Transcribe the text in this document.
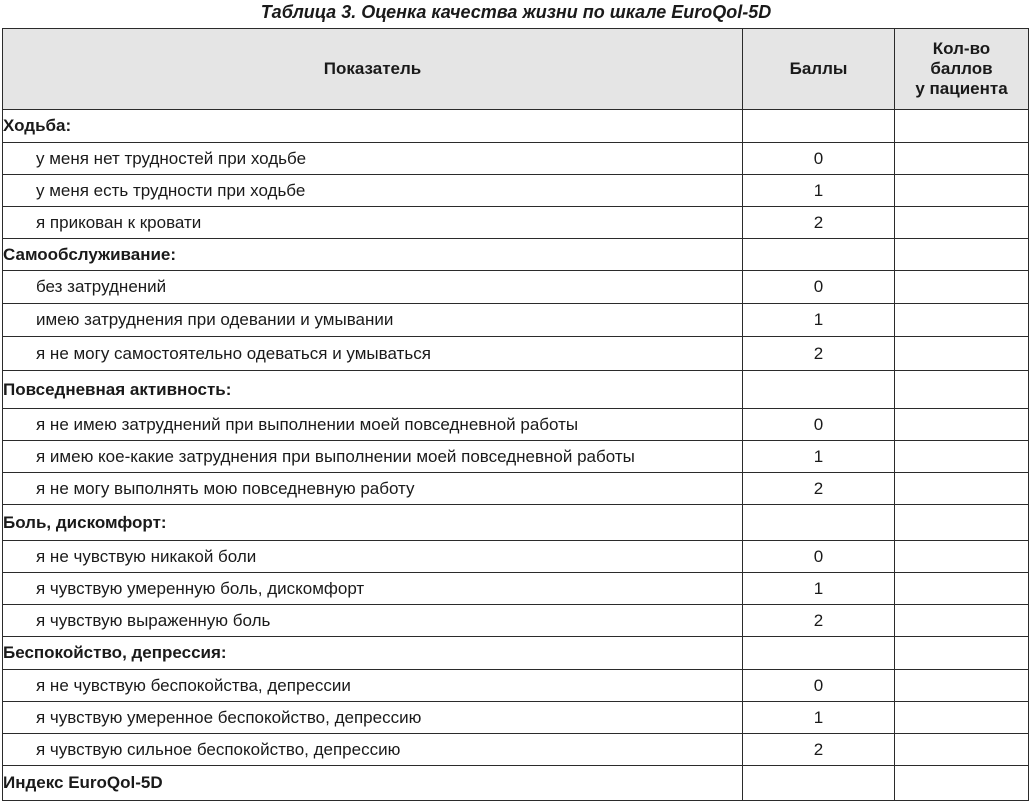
Таблица 3. Оценка качества жизни по шкале EuroQol-5D
Показатель	Баллы	Кол-во
баллов
у пациента

Ходьба:		
у меня нет трудностей при ходьбе	0	
у меня есть трудности при ходьбе	1	
я прикован к кровати	2	
Самообслуживание:		
без затруднений	0	
имею затруднения при одевании и умывании	1	
я не могу самостоятельно одеваться и умываться	2	
Повседневная активность:		
я не имею затруднений при выполнении моей повседневной работы	0	
я имею кое-какие затруднения при выполнении моей повседневной работы	1	
я не могу выполнять мою повседневную работу	2	
Боль, дискомфорт:		
я не чувствую никакой боли	0	
я чувствую умеренную боль, дискомфорт	1	
я чувствую выраженную боль	2	
Беспокойство, депрессия:		
я не чувствую беспокойства, депрессии	0	
я чувствую умеренное беспокойство, депрессию	1	
я чувствую сильное беспокойство, депрессию	2	
Индекс EuroQol-5D		
